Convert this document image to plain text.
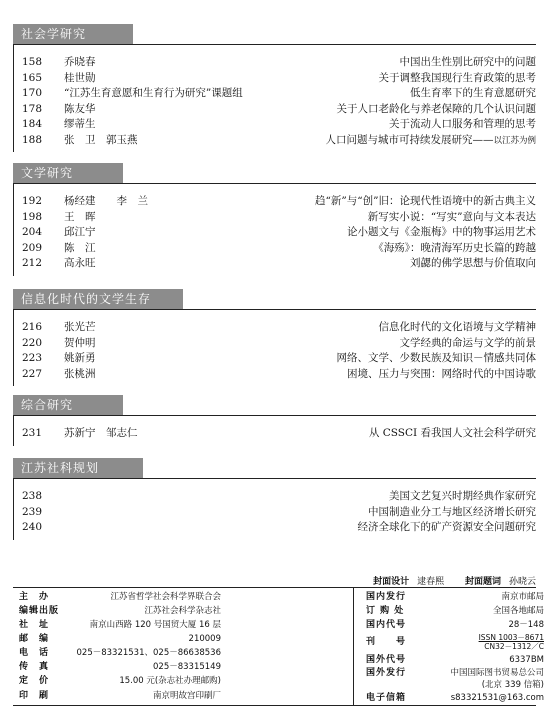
社会学研究
158	乔晓春	中国出生性别比研究中的问题
165	桂世勋	关于调整我国现行生育政策的思考
170	“江苏生育意愿和生育行为研究”课题组	低生育率下的生育意愿研究
178	陈友华	关于人口老龄化与养老保障的几个认识问题
184	缪蒂生	关于流动人口服务和管理的思考
188	张　卫　郭玉燕	人口问题与城市可持续发展研究——以江苏为例
文学研究
192	杨经建　　李　兰	趋“新”与“创”旧：论现代性语境中的新古典主义
198	王　晖	新写实小说：“写实”意向与文本表达
204	邱江宁	论小题文与《金瓶梅》中的物事运用艺术
209	陈　江	《海殇》：晚清海军历史长篇的跨越
212	高永旺	刘勰的佛学思想与价值取向
信息化时代的文学生存
216	张光芒	信息化时代的文化语境与文学精神
220	贺仲明	文学经典的命运与文学的前景
223	姚新勇	网络、文学、少数民族及知识－情感共同体
227	张桃洲	困境、压力与突围：网络时代的中国诗歌
综合研究
231	苏新宁　邹志仁	从 CSSCI 看我国人文社会科学研究
江苏社科规划
238	美国文艺复兴时期经典作家研究
239	中国制造业分工与地区经济增长研究
240	经济全球化下的矿产资源安全问题研究
封面设计 逮春熙 封面题词 孙晓云
主　办	江苏省哲学社会科学界联合会
编辑出版	江苏社会科学杂志社
社　址	南京山西路 120 号国贸大厦 16 层
邮　编	210009
电　话	025－83321531、025－86638536
传　真	025－83315149
定　价	15.00 元(杂志社办理邮购)
印　刷	南京明故宫印刷厂
国内发行	南京市邮局
订 购 处	全国各地邮局
国内代号	28－148
刊　　号	ISSN 1003－8671
CN32－1312／C
国外代号	6337BM
国外发行	中国国际图书贸易总公司
(北京 339 信箱)
电子信箱	s83321531@163.com
